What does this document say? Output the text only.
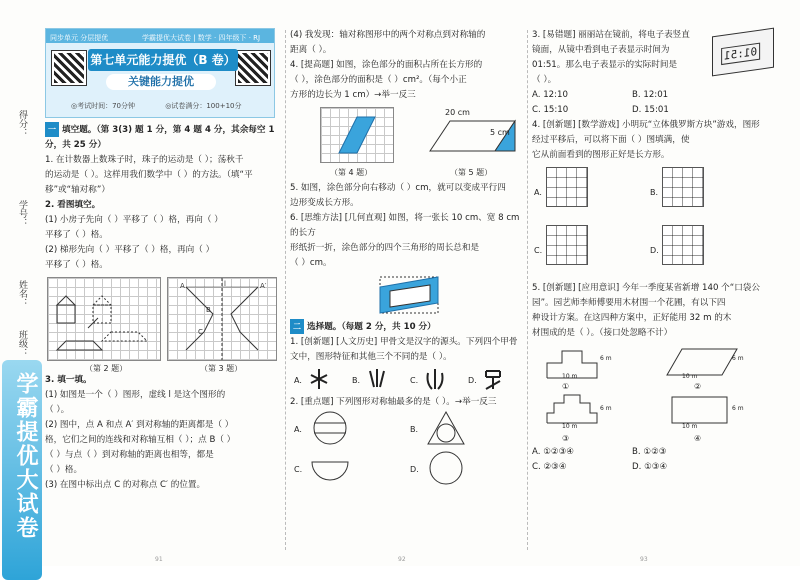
得分：
学号：
姓名：
班级：
学霸提优大试卷
同步单元 分层提优	学霸提优大试卷 | 数学 · 四年级下 · RJ
第七单元能力提优（B 卷）
关键能力提优
◎考试时间：70分钟	◎试卷满分：100+10分

一 填空题。（第 3(3) 题 1 分，第 4 题 4 分，其余每空 1 分，共 25 分）

1. 在计数器上数珠子时，珠子的运动是（ ）；荡秋千

的运动是（ ）。这样用我们数学中（ ）的方法。（填“平

移”或“轴对称”）

2. 看图填空。

(1) 小房子先向（ ）平移了（ ）格，再向（ ）

平移了（ ）格。

(2) 梯形先向（ ）平移了（ ）格，再向（ ）

平移了（ ）格。

A	A′
B
C
l
（第 2 题）	（第 3 题）

3. 填一填。

(1) 如图是一个（ ）图形，虚线 l 是这个图形的

（ ）。

(2) 图中，点 A 和点 A′ 到对称轴的距离都是（ ）

格，它们之间的连线和对称轴互相（ ）；点 B（ ）

（ ）与点（ ）到对称轴的距离也相等，都是

（ ）格。

(3) 在图中标出点 C 的对称点 C′ 的位置。

91

(4) 我发现：轴对称图形中的两个对称点到对称轴的

距离（ ）。

4. [提高题] 如图，涂色部分的面积占所在长方形的

（ ），涂色部分的面积是（ ）cm²。（每个小正

方形的边长为 1 cm）→举一反三

20 cm
5 cm
（第 4 题）	（第 5 题）

5. 如图，涂色部分向右移动（ ）cm，就可以变成平行四

边形变成长方形。

6. [思维方法] [几何直观] 如图，将一张长 10 cm、宽 8 cm 的长方

形纸折一折，涂色部分的四个三角形的周长总和是

（ ）cm。

二 选择题。（每题 2 分，共 10 分）

1. [创新题] [人文历史] 甲骨文是汉字的源头。下列四个甲骨

文中，图形特征和其他三个不同的是（ ）。

A.	B.	C.	D.

2. [重点题] 下列图形对称轴最多的是（ ）。→举一反三

A.	B.
C.	D.
92

3. [易错题] 丽丽站在镜前，将电子表竖直

镜面，从镜中看到电子表显示时间为

01:51。那么电子表显示的实际时间是

（ ）。

01:51

A. 12:10	B. 12:01

C. 15:10	D. 15:01

4. [创新题] [数学游戏] 小明玩“立体俄罗斯方块”游戏，图形

经过平移后，可以将下面（ ）图填满，使

它从前面看到的图形正好是长方形。

A.	B.
C.	D.

5. [创新题] [应用意识] 今年一季度某省新增 140 个“口袋公

园”。园艺师李师傅要用木材围一个花圃，有以下四

种设计方案。在这四种方案中，正好能用 32 m 的木

材围成的是（ ）。（接口处忽略不计）

①
10 m
6 m
②
10 m
6 m
③
10 m
6 m
④
10 m
6 m

A. ①②③④	B. ①②③

C. ②③④	D. ①③④

93
